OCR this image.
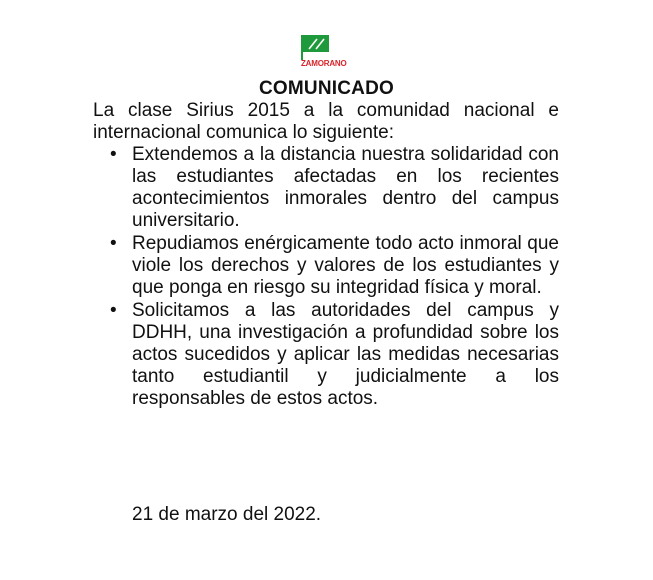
ZAMORANO
COMUNICADO

La clase Sirius 2015 a la comunidad nacional e internacional comunica lo siguiente:

• Extendemos a la distancia nuestra solidaridad con las estudiantes afectadas en los recientes acontecimientos inmorales dentro del campus universitario.
• Repudiamos enérgicamente todo acto inmoral que viole los derechos y valores de los estudiantes y que ponga en riesgo su integridad física y moral.
• Solicitamos a las autoridades del campus y DDHH, una investigación a profundidad sobre los actos sucedidos y aplicar las medidas necesarias tanto estudiantil y judicialmente a los responsables de estos actos.
21 de marzo del 2022.
